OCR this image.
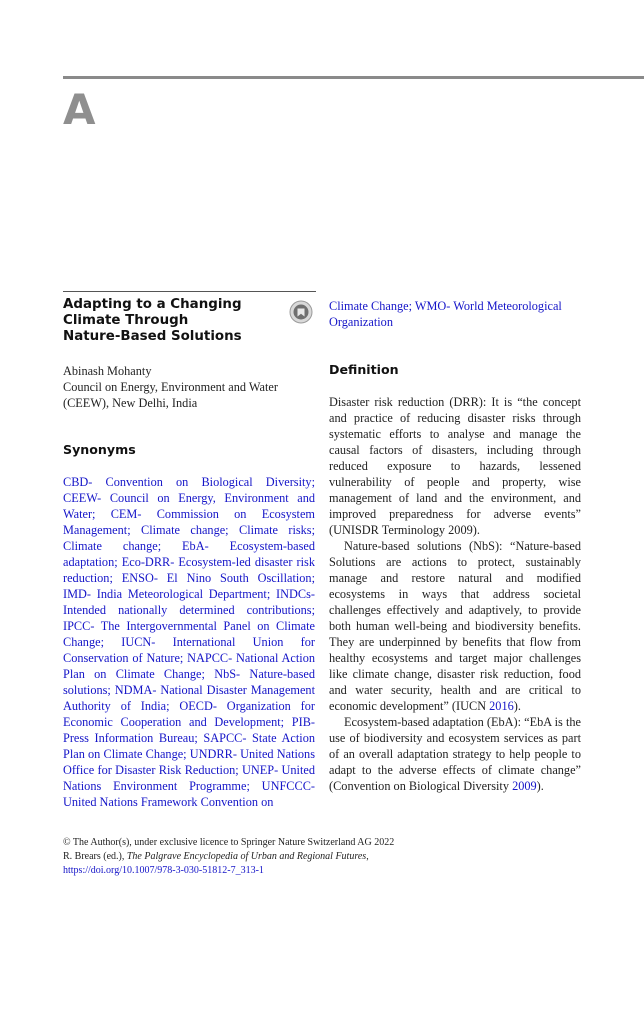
A
Adapting to a Changing
Climate Through
Nature-Based Solutions
Abinash Mohanty
Council on Energy, Environment and Water
(CEEW), New Delhi, India
Synonyms
CBD- Convention on Biological Diversity; CEEW- Council on Energy, Environment and Water; CEM- Commission on Ecosystem Management; Climate change; Climate risks; Climate change; EbA- Ecosystem-based adaptation; Eco-DRR- Ecosystem-led disaster risk reduction; ENSO- El Nino South Oscillation; IMD- India Meteorological Department; INDCs- Intended nationally determined contributions; IPCC- The Intergovernmental Panel on Climate Change; IUCN- International Union for Conservation of Nature; NAPCC- National Action Plan on Climate Change; NbS- Nature-based solutions; NDMA- National Disaster Management Authority of India; OECD- Organization for Economic Cooperation and Development; PIB- Press Information Bureau; SAPCC- State Action Plan on Climate Change; UNDRR- United Nations Office for Disaster Risk Reduction; UNEP- United Nations Environment Programme; UNFCCC- United Nations Framework Convention on
Climate Change; WMO- World Meteorological Organization
Definition

Disaster risk reduction (DRR): It is “the concept and practice of reducing disaster risks through systematic efforts to analyse and manage the causal factors of disasters, including through reduced exposure to hazards, lessened vulnerability of people and property, wise management of land and the environment, and improved preparedness for adverse events” (UNISDR Terminology 2009).

Nature-based solutions (NbS): “Nature-based Solutions are actions to protect, sustainably manage and restore natural and modified ecosystems in ways that address societal challenges effectively and adaptively, to provide both human well-being and biodiversity benefits. They are underpinned by benefits that flow from healthy ecosystems and target major challenges like climate change, disaster risk reduction, food and water security, health and are critical to economic development” (IUCN 2016).

Ecosystem-based adaptation (EbA): “EbA is the use of biodiversity and ecosystem services as part of an overall adaptation strategy to help people to adapt to the adverse effects of climate change” (Convention on Biological Diversity 2009).

© The Author(s), under exclusive licence to Springer Nature Switzerland AG 2022
R. Brears (ed.), The Palgrave Encyclopedia of Urban and Regional Futures,
https://doi.org/10.1007/978-3-030-51812-7_313-1
